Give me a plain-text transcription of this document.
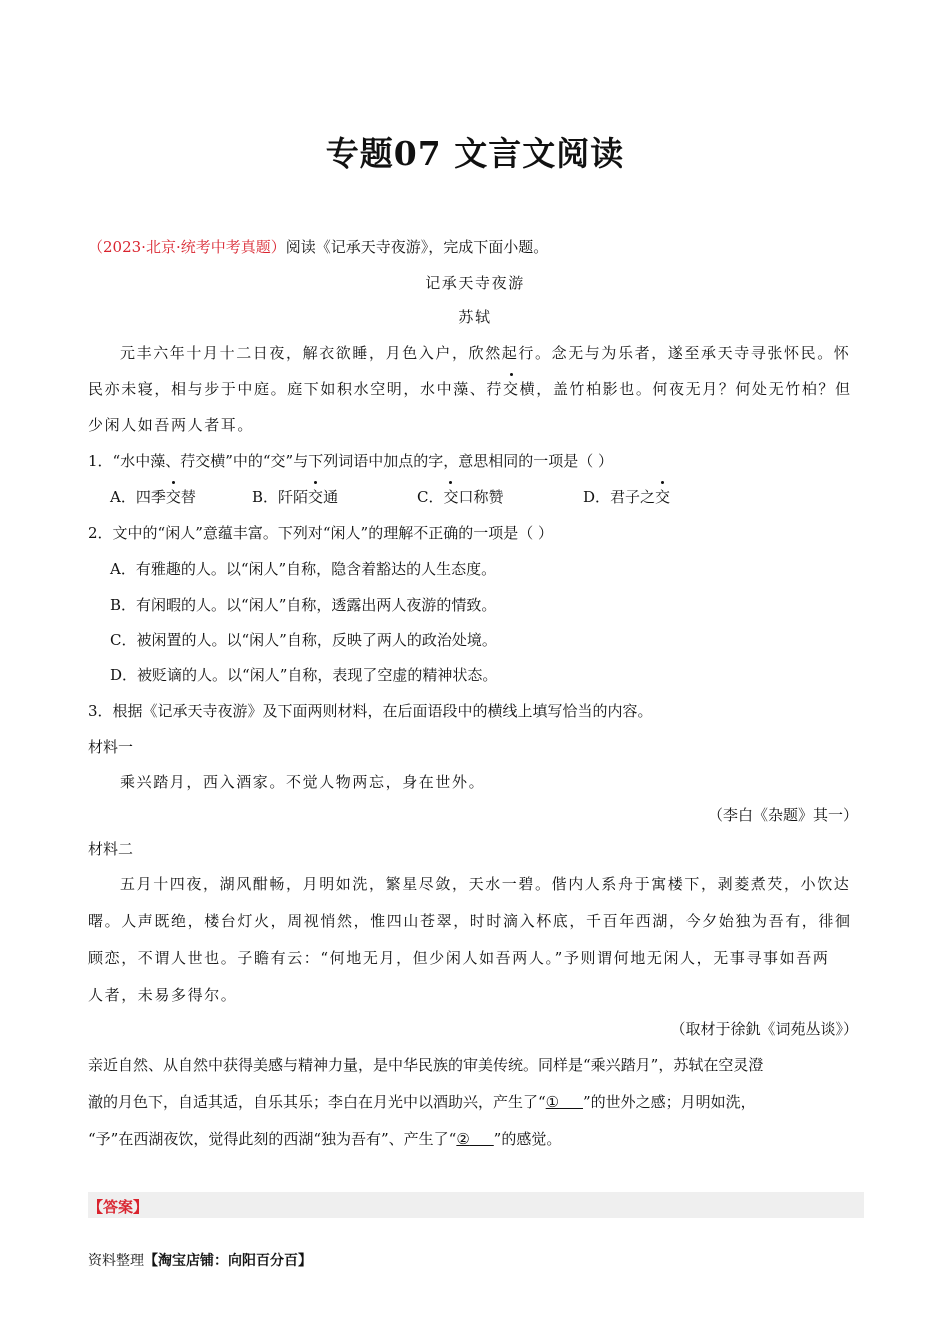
专题07 文言文阅读
（2023·北京·统考中考真题）阅读《记承天寺夜游》，完成下面小题。
记承天寺夜游
苏轼
元丰六年十月十二日夜，解衣欲睡，月色入户，欣然起行。念无与为乐者，遂至承天寺寻张怀民。怀
民亦未寝，相与步于中庭。庭下如积水空明，水中藻、荇交横，盖竹柏影也。何夜无月？何处无竹柏？但
少闲人如吾两人者耳。
1．“水中藻、荇交横”中的“交”与下列词语中加点的字，意思相同的一项是（ ）
A．四季交替	B．阡陌交通	C．交口称赞	D．君子之交
2．文中的“闲人”意蕴丰富。下列对“闲人”的理解不正确的一项是（ ）
A．有雅趣的人。以“闲人”自称，隐含着豁达的人生态度。
B．有闲暇的人。以“闲人”自称，透露出两人夜游的情致。
C．被闲置的人。以“闲人”自称，反映了两人的政治处境。
D．被贬谪的人。以“闲人”自称，表现了空虚的精神状态。
3．根据《记承天寺夜游》及下面两则材料，在后面语段中的横线上填写恰当的内容。
材料一
乘兴踏月，西入酒家。不觉人物两忘，身在世外。
（李白《杂题》其一）
材料二
五月十四夜，湖风酣畅，月明如洗，繁星尽敛，天水一碧。偕内人系舟于寓楼下，剥菱煮芡，小饮达
曙。人声既绝，楼台灯火，周视悄然，惟四山苍翠，时时滴入杯底，千百年西湖，今夕始独为吾有，徘徊
顾恋，不谓人世也。子瞻有云：“何地无月，但少闲人如吾两人。”予则谓何地无闲人，无事寻事如吾两
人者，未易多得尔。
（取材于徐釚《词苑丛谈》）
亲近自然、从自然中获得美感与精神力量，是中华民族的审美传统。同样是“乘兴踏月”，苏轼在空灵澄
澈的月色下，自适其适，自乐其乐；李白在月光中以酒助兴，产生了“① ”的世外之感；月明如洗，
“予”在西湖夜饮，觉得此刻的西湖“独为吾有”、产生了“② ”的感觉。
【答案】
资料整理【淘宝店铺：向阳百分百】
